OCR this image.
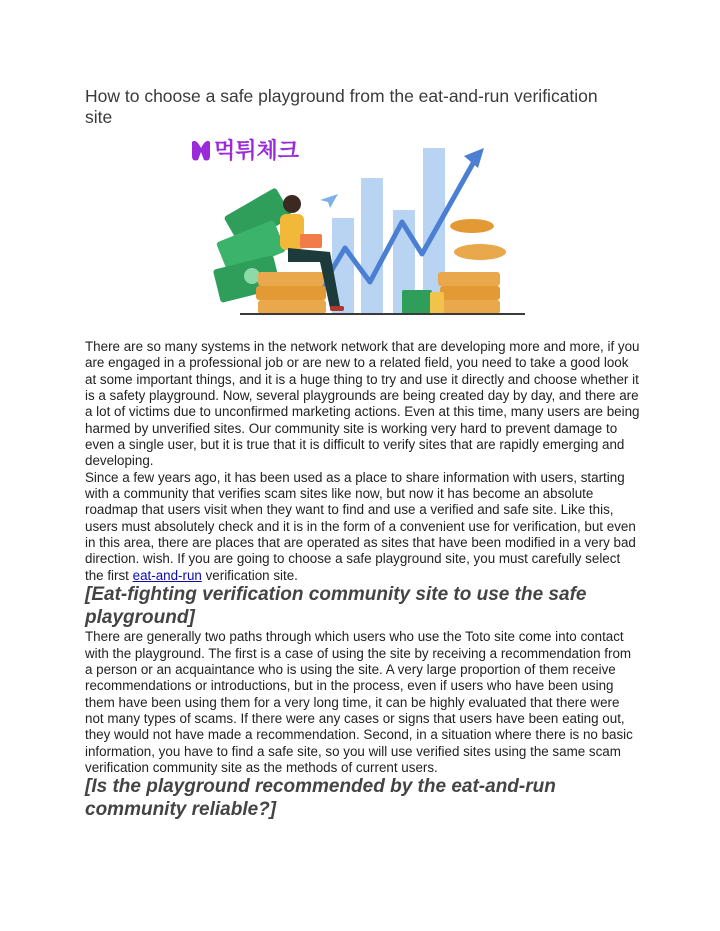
How to choose a safe playground from the eat-and-run verification site
먹튀체크

There are so many systems in the network network that are developing more and more, if you are engaged in a professional job or are new to a related field, you need to take a good look at some important things, and it is a huge thing to try and use it directly and choose whether it is a safety playground. Now, several playgrounds are being created day by day, and there are a lot of victims due to unconfirmed marketing actions. Even at this time, many users are being harmed by unverified sites. Our community site is working very hard to prevent damage to even a single user, but it is true that it is difficult to verify sites that are rapidly emerging and developing.

Since a few years ago, it has been used as a place to share information with users, starting with a community that verifies scam sites like now, but now it has become an absolute roadmap that users visit when they want to find and use a verified and safe site. Like this, users must absolutely check and it is in the form of a convenient use for verification, but even in this area, there are places that are operated as sites that have been modified in a very bad direction. wish. If you are going to choose a safe playground site, you must carefully select the first eat-and-run verification site.

[Eat-fighting verification community site to use the safe playground]

There are generally two paths through which users who use the Toto site come into contact with the playground. The first is a case of using the site by receiving a recommendation from a person or an acquaintance who is using the site. A very large proportion of them receive recommendations or introductions, but in the process, even if users who have been using them have been using them for a very long time, it can be highly evaluated that there were not many types of scams. If there were any cases or signs that users have been eating out, they would not have made a recommendation. Second, in a situation where there is no basic information, you have to find a safe site, so you will use verified sites using the same scam verification community site as the methods of current users.

[Is the playground recommended by the eat-and-run community reliable?]
